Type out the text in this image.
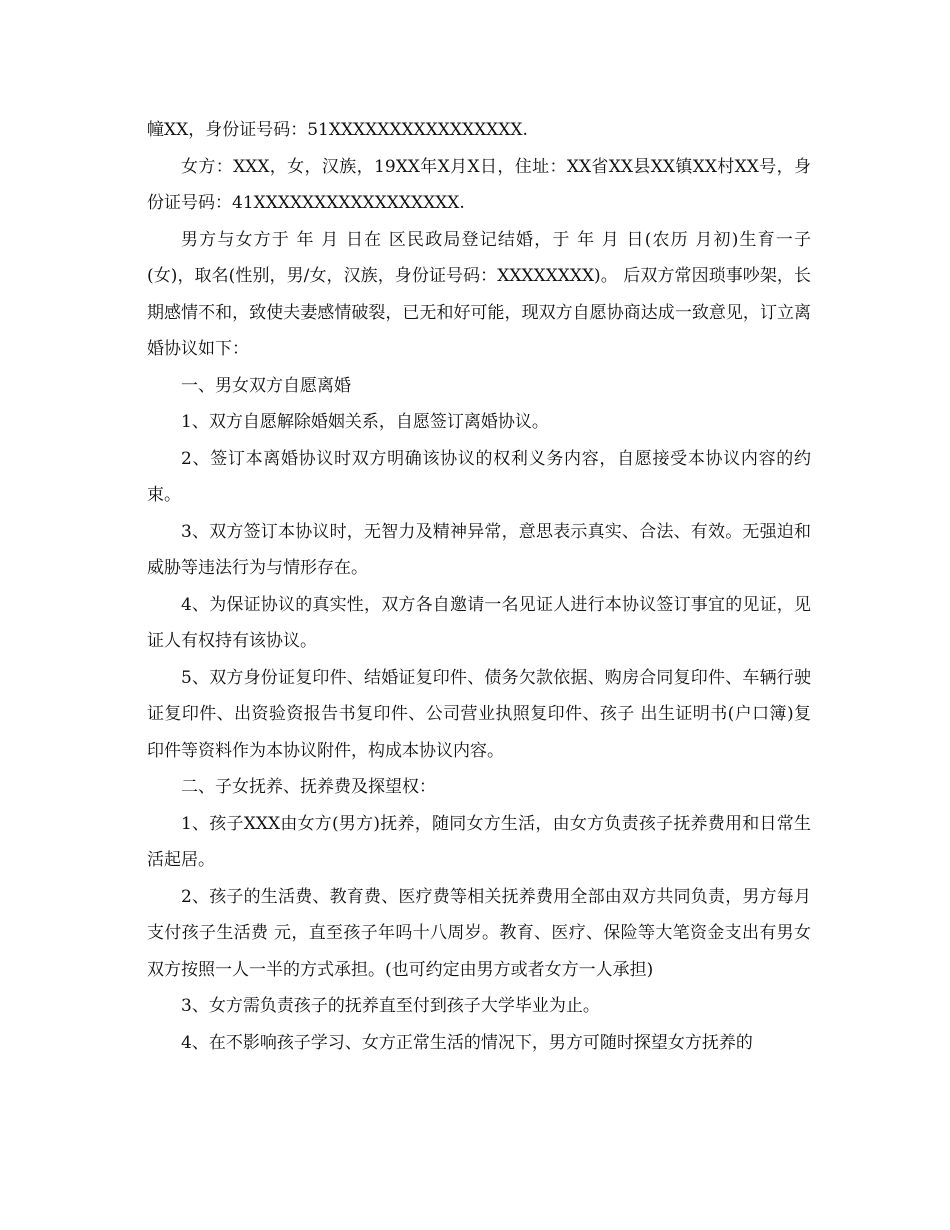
幢XX，身份证号码：51XXXXXXXXXXXXXXXX.

女方：XXX，女，汉族，19XX年X月X日，住址：XX省XX县XX镇XX村XX号，身份证号码：41XXXXXXXXXXXXXXXXX.

男方与女方于 年 月 日在 区民政局登记结婚，于 年 月 日(农历 月初)生育一子(女)，取名(性别，男/女，汉族，身份证号码：XXXXXXXX)。 后双方常因琐事吵架，长期感情不和，致使夫妻感情破裂，已无和好可能，现双方自愿协商达成一致意见，订立离婚协议如下：

一、男女双方自愿离婚

1、双方自愿解除婚姻关系，自愿签订离婚协议。

2、签订本离婚协议时双方明确该协议的权利义务内容，自愿接受本协议内容的约束。

3、双方签订本协议时，无智力及精神异常，意思表示真实、合法、有效。无强迫和威胁等违法行为与情形存在。

4、为保证协议的真实性，双方各自邀请一名见证人进行本协议签订事宜的见证，见证人有权持有该协议。

5、双方身份证复印件、结婚证复印件、债务欠款依据、购房合同复印件、车辆行驶证复印件、出资验资报告书复印件、公司营业执照复印件、孩子 出生证明书(户口簿)复印件等资料作为本协议附件，构成本协议内容。

二、子女抚养、抚养费及探望权：

1、孩子XXX由女方(男方)抚养，随同女方生活，由女方负责孩子抚养费用和日常生活起居。

2、孩子的生活费、教育费、医疗费等相关抚养费用全部由双方共同负责，男方每月支付孩子生活费 元，直至孩子年吗十八周岁。教育、医疗、保险等大笔资金支出有男女双方按照一人一半的方式承担。(也可约定由男方或者女方一人承担)

3、女方需负责孩子的抚养直至付到孩子大学毕业为止。

4、在不影响孩子学习、女方正常生活的情况下，男方可随时探望女方抚养的
